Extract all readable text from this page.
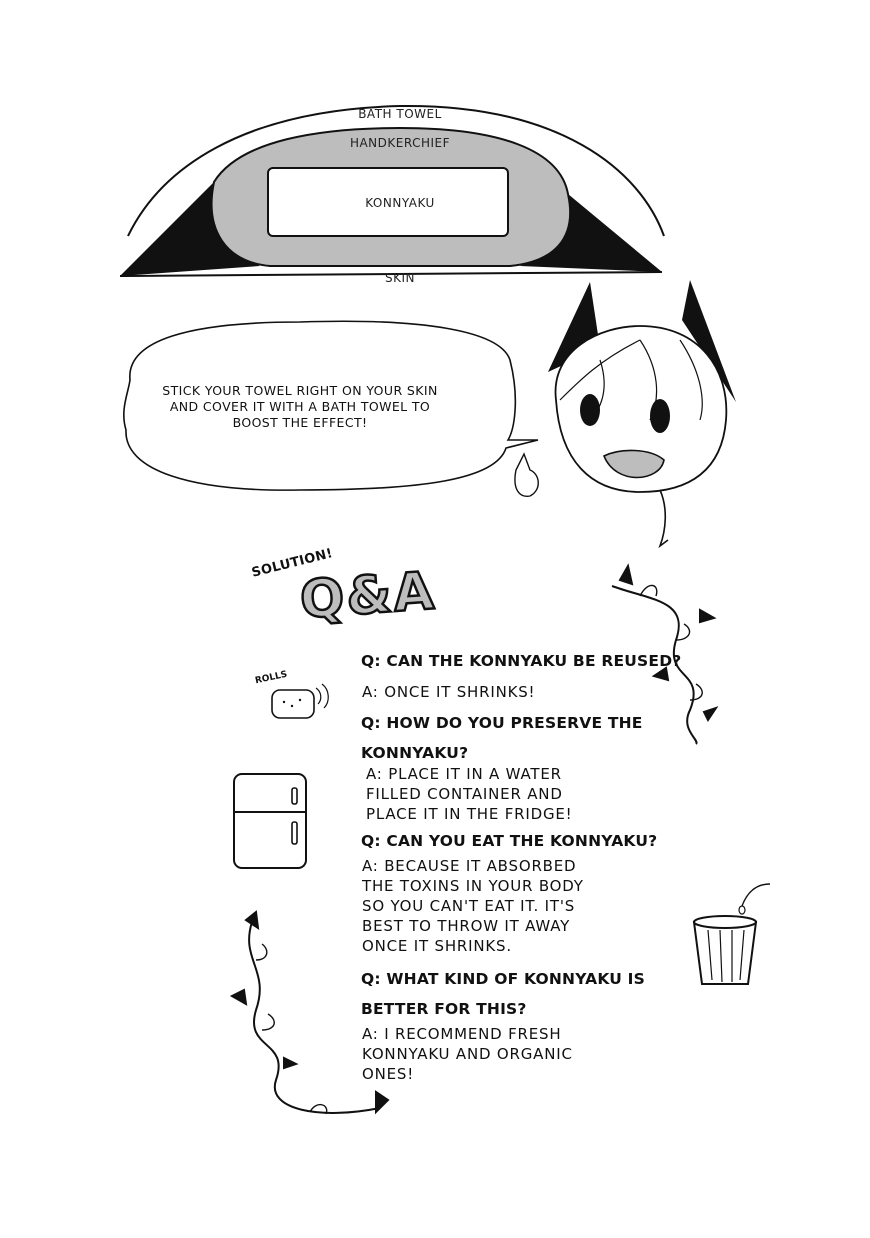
BATH TOWEL
HANDKERCHIEF
KONNYAKU
SKIN
STICK YOUR TOWEL RIGHT ON YOUR SKIN
AND COVER IT WITH A BATH TOWEL TO
BOOST THE EFFECT!
SOLUTION!
Q&A
ROLLS
Q: CAN THE KONNYAKU BE REUSED?
A: ONCE IT SHRINKS!
Q: HOW DO YOU PRESERVE THE
KONNYAKU?
A: PLACE IT IN A WATER
FILLED CONTAINER AND
PLACE IT IN THE FRIDGE!
Q: CAN YOU EAT THE KONNYAKU?
A: BECAUSE IT ABSORBED
THE TOXINS IN YOUR BODY
SO YOU CAN'T EAT IT. IT'S
BEST TO THROW IT AWAY
ONCE IT SHRINKS.
Q: WHAT KIND OF KONNYAKU IS
BETTER FOR THIS?
A: I RECOMMEND FRESH
KONNYAKU AND ORGANIC
ONES!
